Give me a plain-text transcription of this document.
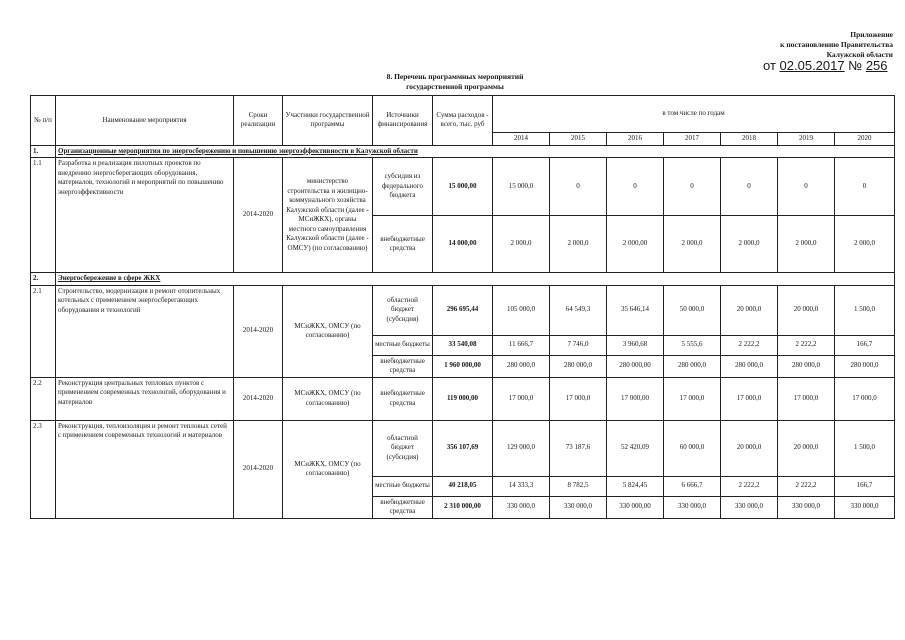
Приложение
к постановлению Правительства
Калужской области
от 02.05.2017 № 256
8. Перечень программных мероприятий
государственной программы
№ п/п	Наименование мероприятия	Сроки реализации	Участники государственной программы	Источники финансирования	Сумма расходов - всего, тыс. руб	в том числе по годам						
						2014	2015	2016	2017	2018	2019	2020
1.	Организационные мероприятия по энергосбережению и повышению энергоэффективности в Калужской области											
1.1	Разработка и реализация пилотных проектов по внедрению энергосберегающих оборудования, материалов, технологий и мероприятий по повышению энергоэффективности	2014-2020	министерство строительства и жилищно-коммунального хозяйства Калужской области (далее - МСиЖКХ), органы местного самоуправления Калужской области (далее - ОМСУ) (по согласованию)	субсидия из федерального бюджета	15 000,00	15 000,0	0	0	0	0	0	0
				внебюджетные средства	14 000,00	2 000,0	2 000,0	2 000,00	2 000,0	2 000,0	2 000,0	2 000,0
2.	Энергосбережение в сфере ЖКХ											
2.1	Строительство, модернизация и ремонт отопительных котельных с применением энергосберегающих оборудования и технологий	2014-2020	МСиЖКХ, ОМСУ (по согласованию)	областной бюджет (субсидия)	296 695,44	105 000,0	64 549,3	35 646,14	50 000,0	20 000,0	20 000,0	1 500,0
				местные бюджеты	33 540,08	11 666,7	7 746,0	3 960,68	5 555,6	2 222,2	2 222,2	166,7
				внебюджетные средства	1 960 000,00	280 000,0	280 000,0	280 000,00	280 000,0	280 000,0	280 000,0	280 000,0
2.2	Реконструкция центральных тепловых пунктов с применением современных технологий, оборудования и материалов	2014-2020	МСиЖКХ, ОМСУ (по согласованию)	внебюджетные средства	119 000,00	17 000,0	17 000,0	17 000,00	17 000,0	17 000,0	17 000,0	17 000,0
2.3	Реконструкция, теплоизоляция и ремонт тепловых сетей с применением современных технологий и материалов	2014-2020	МСиЖКХ, ОМСУ (по согласованию)	областной бюджет (субсидия)	356 107,69	129 000,0	73 187,6	52 420,09	60 000,0	20 000,0	20 000,0	1 500,0
				местные бюджеты	40 218,05	14 333,3	8 782,5	5 824,45	6 666,7	2 222,2	2 222,2	166,7
				внебюджетные средства	2 310 000,00	330 000,0	330 000,0	330 000,00	330 000,0	330 000,0	330 000,0	330 000,0
